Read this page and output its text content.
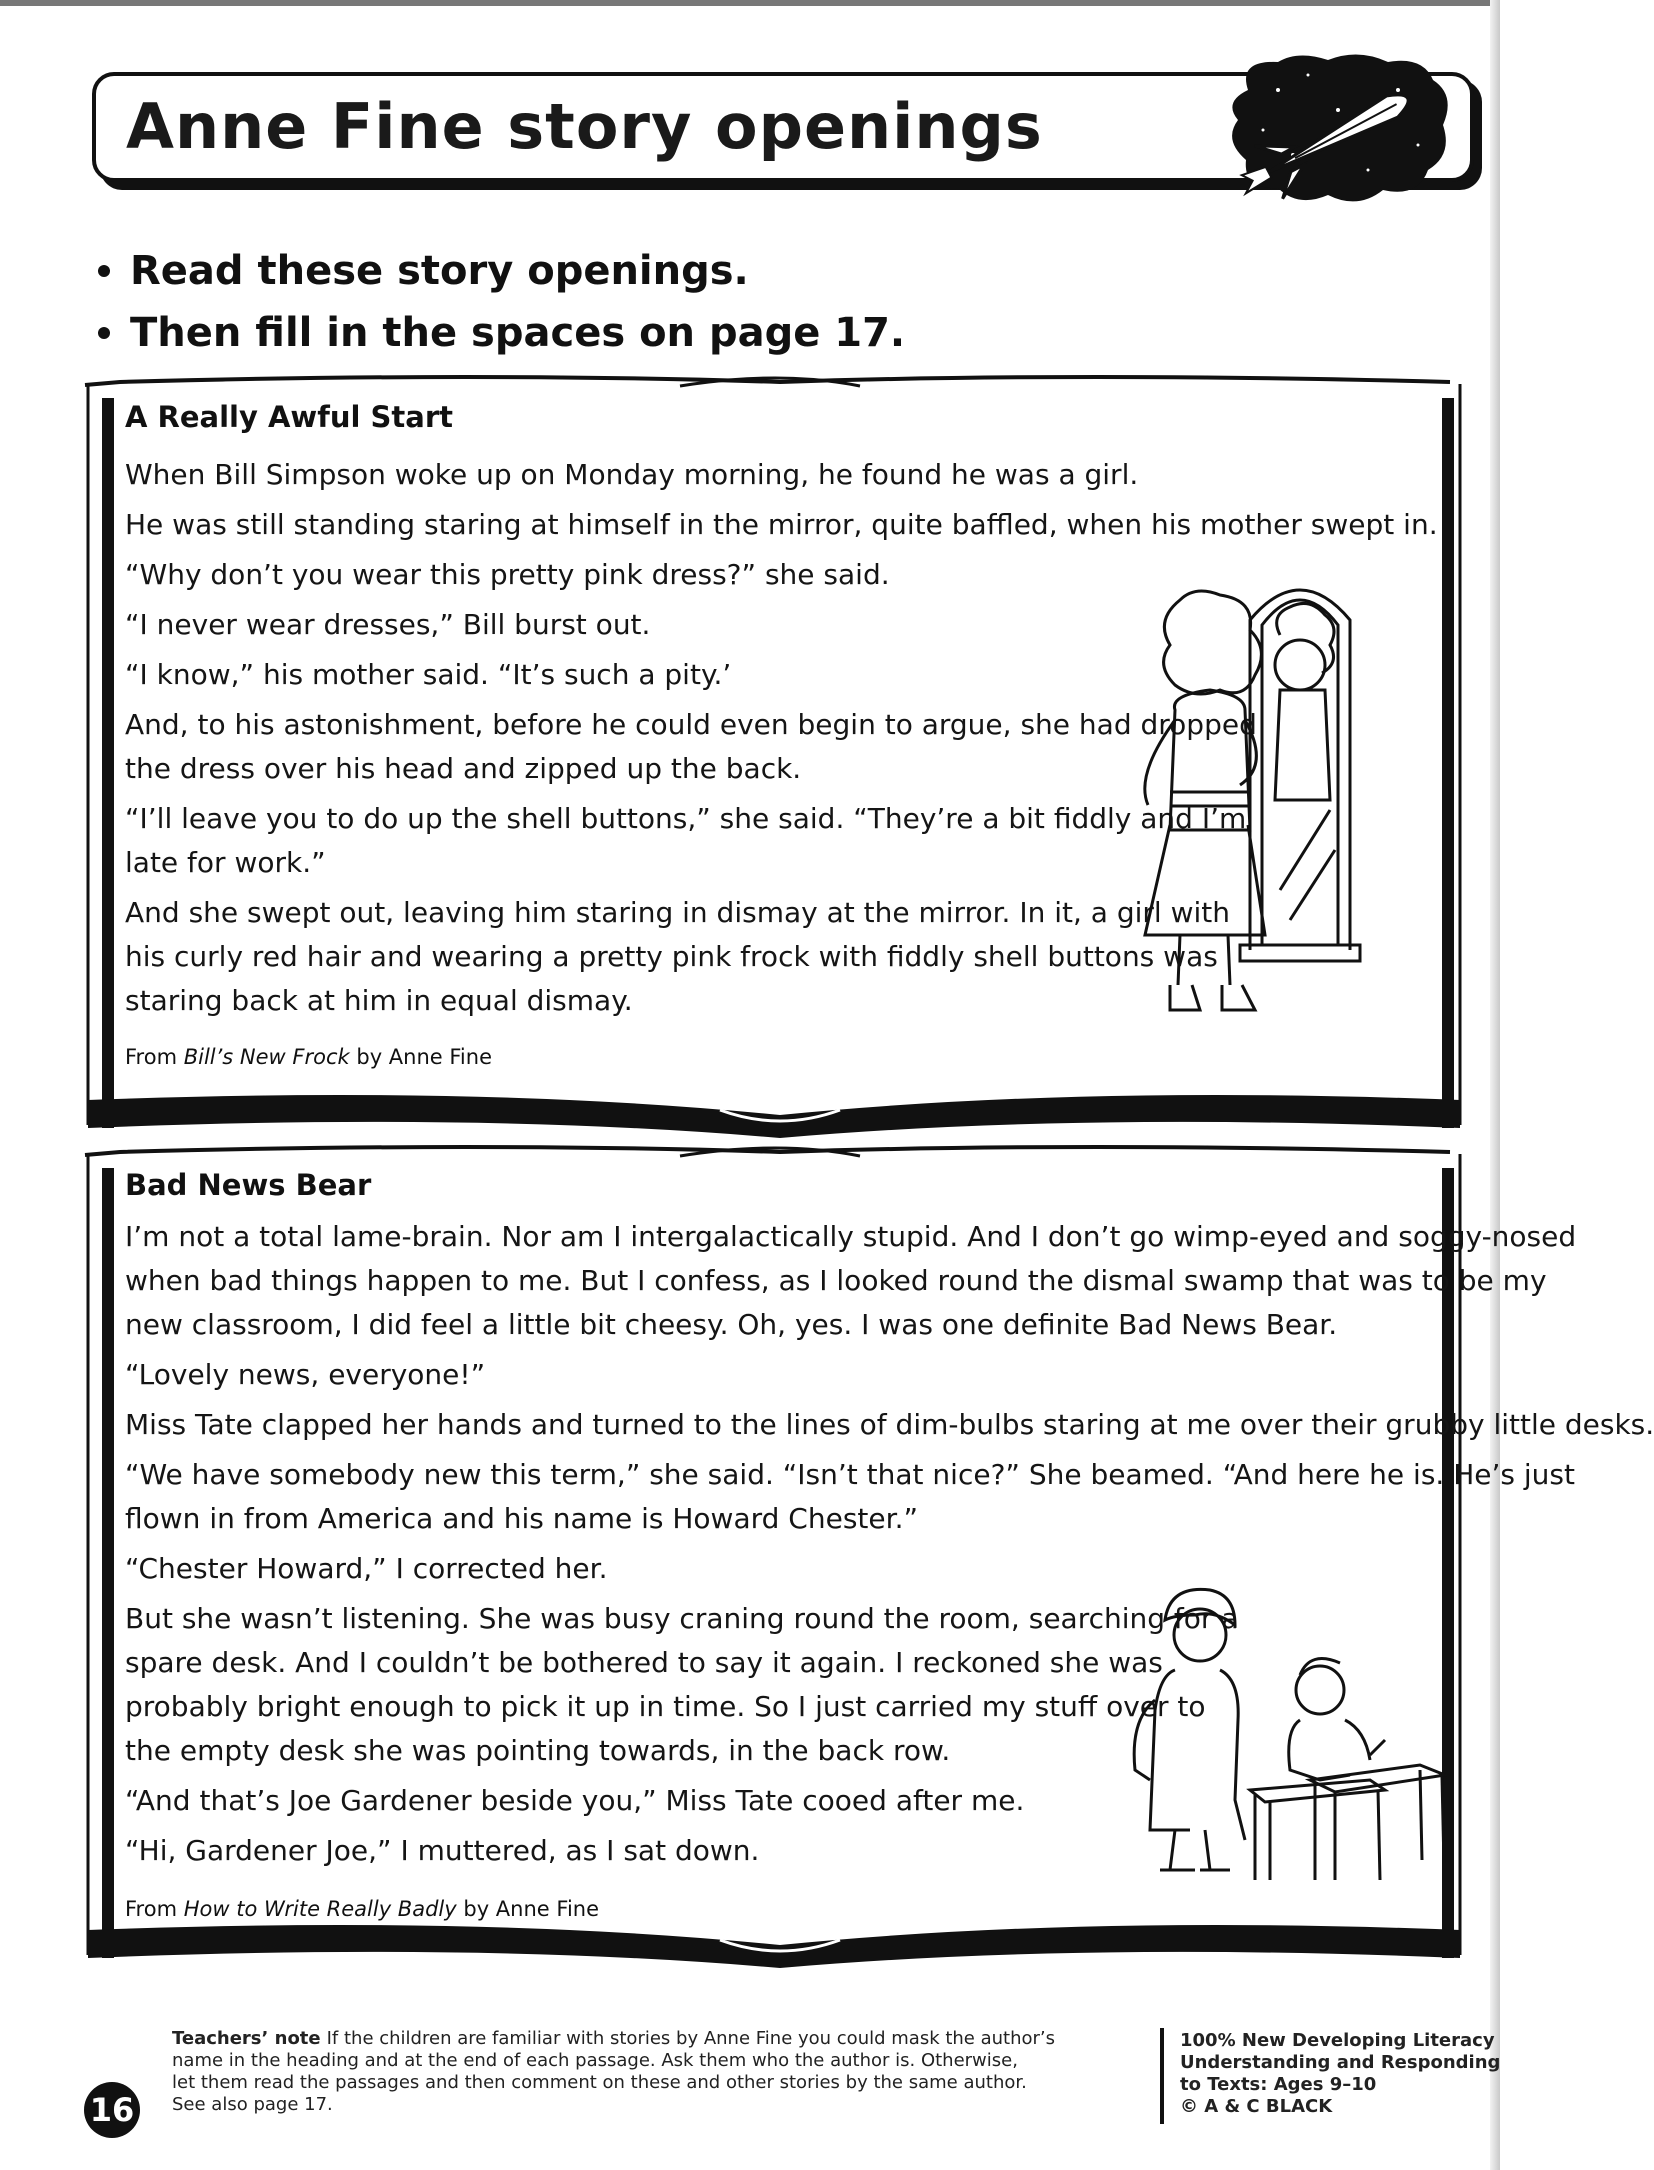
Anne Fine story openings
Read these story openings.
Then fill in the spaces on page 17.
A Really Awful Start
When Bill Simpson woke up on Monday morning, he found he was a girl.
He was still standing staring at himself in the mirror, quite baffled, when his mother swept in.
“Why don’t you wear this pretty pink dress?” she said.
“I never wear dresses,” Bill burst out.
“I know,” his mother said. “It’s such a pity.’
And, to his astonishment, before he could even begin to argue, she had dropped
the dress over his head and zipped up the back.
“I’ll leave you to do up the shell buttons,” she said. “They’re a bit fiddly and I’m
late for work.”
And she swept out, leaving him staring in dismay at the mirror. In it, a girl with
his curly red hair and wearing a pretty pink frock with fiddly shell buttons was
staring back at him in equal dismay.
From Bill’s New Frock by Anne Fine
Bad News Bear
I’m not a total lame-brain. Nor am I intergalactically stupid. And I don’t go wimp-eyed and soggy-nosed
when bad things happen to me. But I confess, as I looked round the dismal swamp that was to be my
new classroom, I did feel a little bit cheesy. Oh, yes. I was one definite Bad News Bear.
“Lovely news, everyone!”
Miss Tate clapped her hands and turned to the lines of dim-bulbs staring at me over their grubby little desks.
“We have somebody new this term,” she said. “Isn’t that nice?” She beamed. “And here he is. He’s just
flown in from America and his name is Howard Chester.”
“Chester Howard,” I corrected her.
But she wasn’t listening. She was busy craning round the room, searching for a
spare desk. And I couldn’t be bothered to say it again. I reckoned she was
probably bright enough to pick it up in time. So I just carried my stuff over to
the empty desk she was pointing towards, in the back row.
“And that’s Joe Gardener beside you,” Miss Tate cooed after me.
“Hi, Gardener Joe,” I muttered, as I sat down.
From How to Write Really Badly by Anne Fine
16
Teachers’ note If the children are familiar with stories by Anne Fine you could mask the author’s
name in the heading and at the end of each passage. Ask them who the author is. Otherwise,
let them read the passages and then comment on these and other stories by the same author.
See also page 17.
100% New Developing Literacy
Understanding and Responding
to Texts: Ages 9–10
© A & C BLACK
